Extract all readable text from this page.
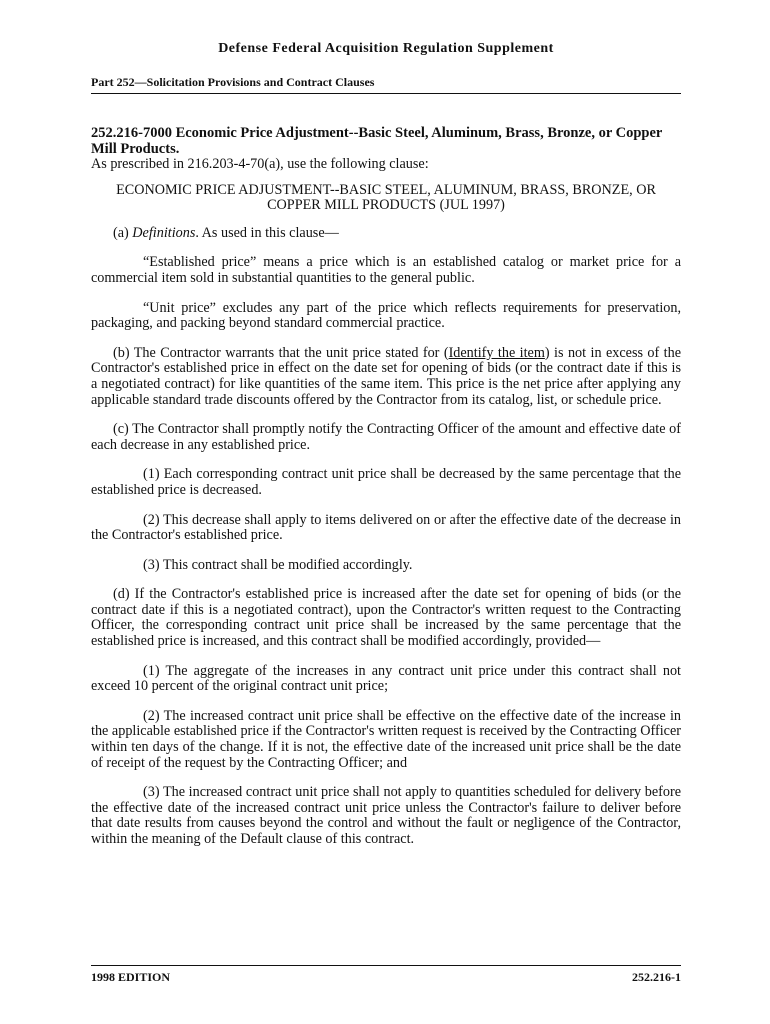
Defense Federal Acquisition Regulation Supplement
Part 252—Solicitation Provisions and Contract Clauses
252.216-7000 Economic Price Adjustment--Basic Steel, Aluminum, Brass, Bronze, or Copper Mill Products.
As prescribed in 216.203-4-70(a), use the following clause:
ECONOMIC PRICE ADJUSTMENT--BASIC STEEL, ALUMINUM, BRASS, BRONZE, OR COPPER MILL PRODUCTS (JUL 1997)

(a) Definitions. As used in this clause—

“Established price” means a price which is an established catalog or market price for a commercial item sold in substantial quantities to the general public.

“Unit price” excludes any part of the price which reflects requirements for preservation, packaging, and packing beyond standard commercial practice.

(b) The Contractor warrants that the unit price stated for (Identify the item) is not in excess of the Contractor's established price in effect on the date set for opening of bids (or the contract date if this is a negotiated contract) for like quantities of the same item. This price is the net price after applying any applicable standard trade discounts offered by the Contractor from its catalog, list, or schedule price.

(c) The Contractor shall promptly notify the Contracting Officer of the amount and effective date of each decrease in any established price.

(1) Each corresponding contract unit price shall be decreased by the same percentage that the established price is decreased.

(2) This decrease shall apply to items delivered on or after the effective date of the decrease in the Contractor's established price.

(3) This contract shall be modified accordingly.

(d) If the Contractor's established price is increased after the date set for opening of bids (or the contract date if this is a negotiated contract), upon the Contractor's written request to the Contracting Officer, the corresponding contract unit price shall be increased by the same percentage that the established price is increased, and this contract shall be modified accordingly, provided—

(1) The aggregate of the increases in any contract unit price under this contract shall not exceed 10 percent of the original contract unit price;

(2) The increased contract unit price shall be effective on the effective date of the increase in the applicable established price if the Contractor's written request is received by the Contracting Officer within ten days of the change. If it is not, the effective date of the increased unit price shall be the date of receipt of the request by the Contracting Officer; and

(3) The increased contract unit price shall not apply to quantities scheduled for delivery before the effective date of the increased contract unit price unless the Contractor's failure to deliver before that date results from causes beyond the control and without the fault or negligence of the Contractor, within the meaning of the Default clause of this contract.

1998 EDITION	252.216-1
